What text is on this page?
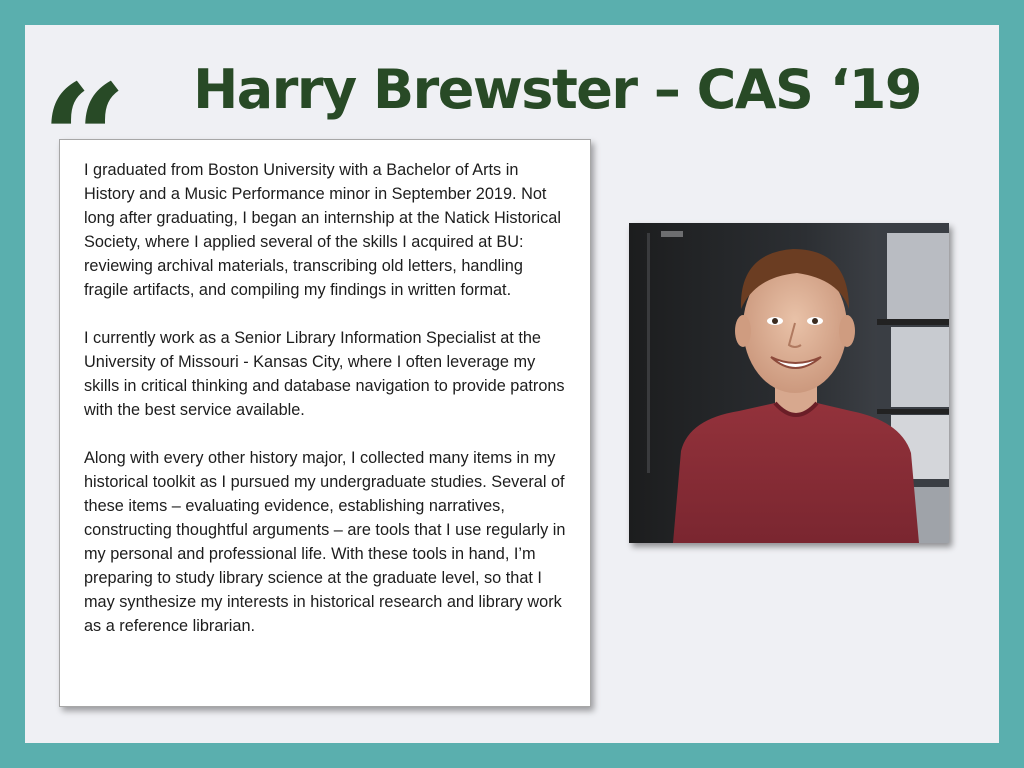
Harry Brewster – CAS ‘19
“

I graduated from Boston University with a Bachelor of Arts in History and a Music Performance minor in September 2019. Not long after graduating, I began an internship at the Natick Historical Society, where I applied several of the skills I acquired at BU: reviewing archival materials, transcribing old letters, handling fragile artifacts, and compiling my findings in written format.

I currently work as a Senior Library Information Specialist at the University of Missouri - Kansas City, where I often leverage my skills in critical thinking and database navigation to provide patrons with the best service available.

Along with every other history major, I collected many items in my historical toolkit as I pursued my undergraduate studies. Several of these items – evaluating evidence, establishing narratives, constructing thoughtful arguments – are tools that I use regularly in my personal and professional life. With these tools in hand, I’m preparing to study library science at the graduate level, so that I may synthesize my interests in historical research and library work as a reference librarian.
